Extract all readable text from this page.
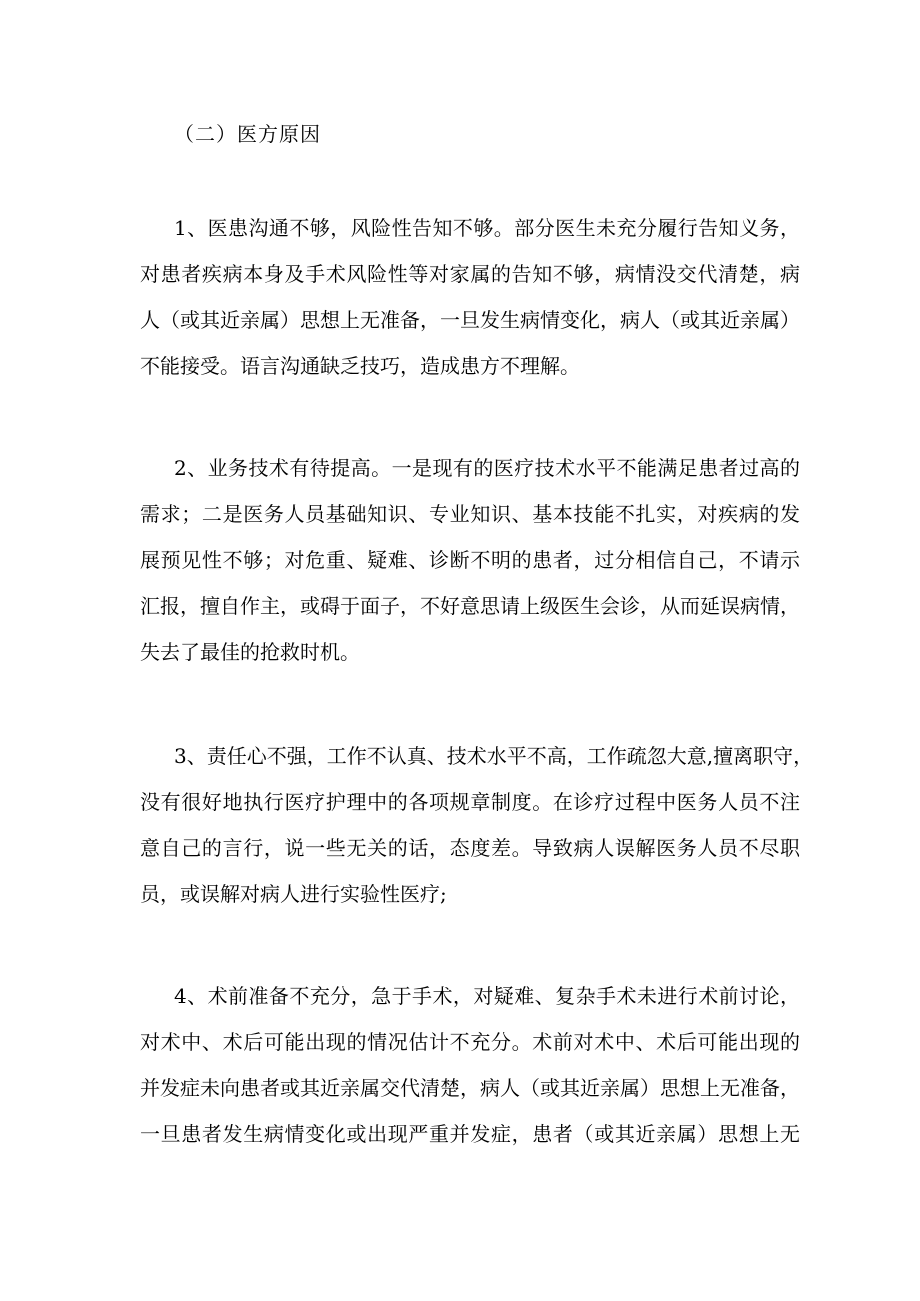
（二）医方原因
1、医患沟通不够，风险性告知不够。部分医生未充分履行告知义务，
对患者疾病本身及手术风险性等对家属的告知不够，病情没交代清楚，病
人（或其近亲属）思想上无准备，一旦发生病情变化，病人（或其近亲属）
不能接受。语言沟通缺乏技巧，造成患方不理解。
2、业务技术有待提高。一是现有的医疗技术水平不能满足患者过高的
需求；二是医务人员基础知识、专业知识、基本技能不扎实，对疾病的发
展预见性不够；对危重、疑难、诊断不明的患者，过分相信自己，不请示
汇报，擅自作主，或碍于面子，不好意思请上级医生会诊，从而延误病情，
失去了最佳的抢救时机。
3、责任心不强，工作不认真、技术水平不高，工作疏忽大意,擅离职守，
没有很好地执行医疗护理中的各项规章制度。在诊疗过程中医务人员不注
意自己的言行，说一些无关的话，态度差。导致病人误解医务人员不尽职
员，或误解对病人进行实验性医疗;
4、术前准备不充分，急于手术，对疑难、复杂手术未进行术前讨论，
对术中、术后可能出现的情况估计不充分。术前对术中、术后可能出现的
并发症未向患者或其近亲属交代清楚，病人（或其近亲属）思想上无准备，
一旦患者发生病情变化或出现严重并发症，患者（或其近亲属）思想上无
